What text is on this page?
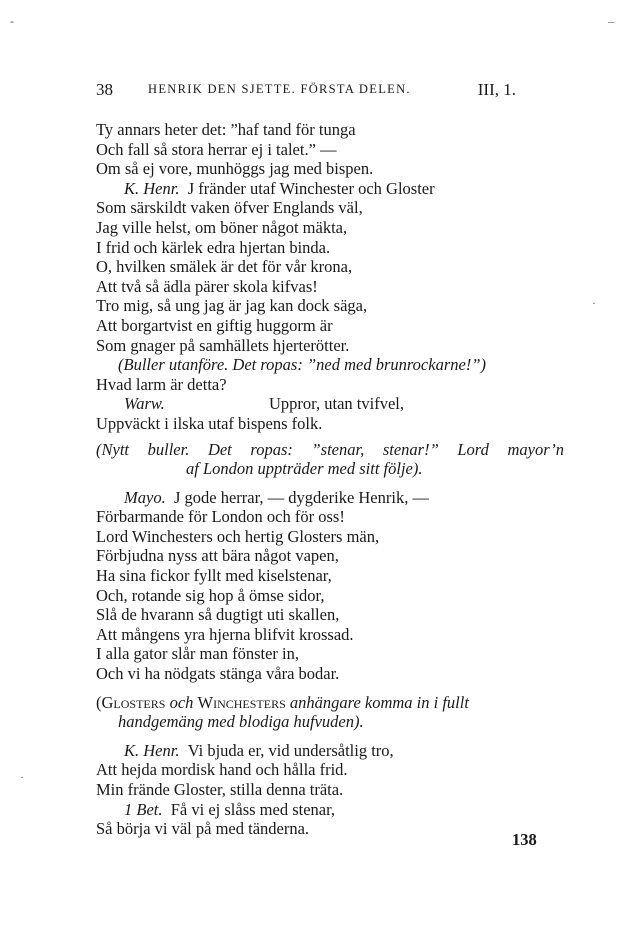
-	–
·
·
38	HENRIK DEN SJETTE. FÖRSTA DELEN.	III, 1.
Ty annars heter det: ”haf tand för tunga
Och fall så stora herrar ej i talet.” —
Om så ej vore, munhöggs jag med bispen.
K. Henr. J fränder utaf Winchester och Gloster
Som särskildt vaken öfver Englands väl,
Jag ville helst, om böner något mäkta,
I frid och kärlek edra hjertan binda.
O, hvilken smälek är det för vår krona,
Att två så ädla pärer skola kifvas!
Tro mig, så ung jag är jag kan dock säga,
Att borgartvist en giftig huggorm är
Som gnager på samhällets hjerterötter.
(Buller utanföre. Det ropas: ”ned med brunrockarne!”)
Hvad larm är detta?
Warw.	Uppror, utan tvifvel,
Uppväckt i ilska utaf bispens folk.
(Nytt buller. Det ropas: ”stenar, stenar!” Lord mayor’n
af London uppträder med sitt följe).
Mayo. J gode herrar, — dygderike Henrik, —
Förbarmande för London och för oss!
Lord Winchesters och hertig Glosters män,
Förbjudna nyss att bära något vapen,
Ha sina fickor fyllt med kiselstenar,
Och, rotande sig hop å ömse sidor,
Slå de hvarann så dugtigt uti skallen,
Att mångens yra hjerna blifvit krossad.
I alla gator slår man fönster in,
Och vi ha nödgats stänga våra bodar.
(Glosters och Winchesters anhängare komma in i fullt
handgemäng med blodiga hufvuden).
K. Henr. Vi bjuda er, vid undersåtlig tro,
Att hejda mordisk hand och hålla frid.
Min frände Gloster, stilla denna träta.
1 Bet. Få vi ej slåss med stenar,
Så börja vi väl på med tänderna.
138
